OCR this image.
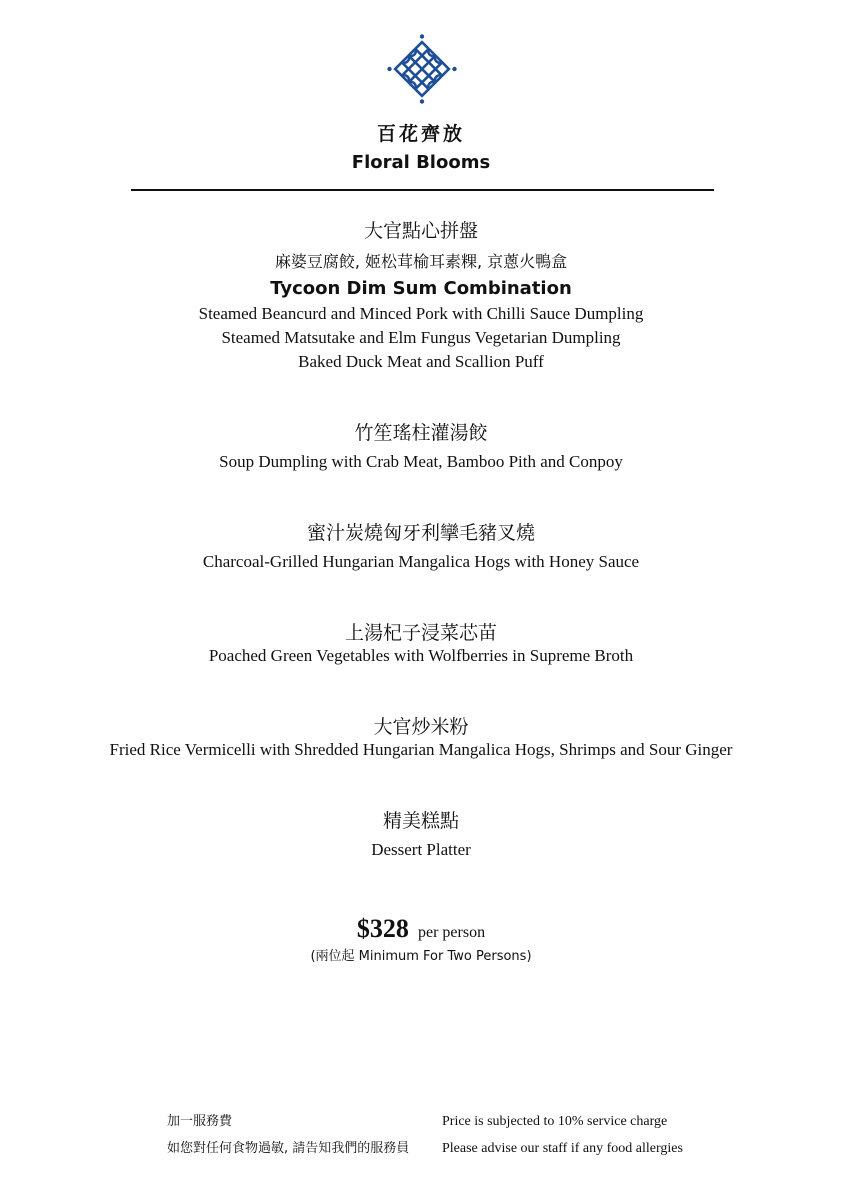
百花齊放
Floral Blooms
大官點心拼盤
麻婆豆腐餃, 姬松茸榆耳素粿, 京蔥火鴨盒
Tycoon Dim Sum Combination
Steamed Beancurd and Minced Pork with Chilli Sauce Dumpling
Steamed Matsutake and Elm Fungus Vegetarian Dumpling
Baked Duck Meat and Scallion Puff
竹笙瑤柱灌湯餃
Soup Dumpling with Crab Meat, Bamboo Pith and Conpoy
蜜汁炭燒匈牙利攣毛豬叉燒
Charcoal-Grilled Hungarian Mangalica Hogs with Honey Sauce
上湯杞子浸菜芯苗
Poached Green Vegetables with Wolfberries in Supreme Broth
大官炒米粉
Fried Rice Vermicelli with Shredded Hungarian Mangalica Hogs, Shrimps and Sour Ginger
精美糕點
Dessert Platter
$328 per person
(兩位起 Minimum For Two Persons)
加一服務費	Price is subjected to 10% service charge
如您對任何食物過敏, 請告知我們的服務員 Please advise our staff if any food allergies
